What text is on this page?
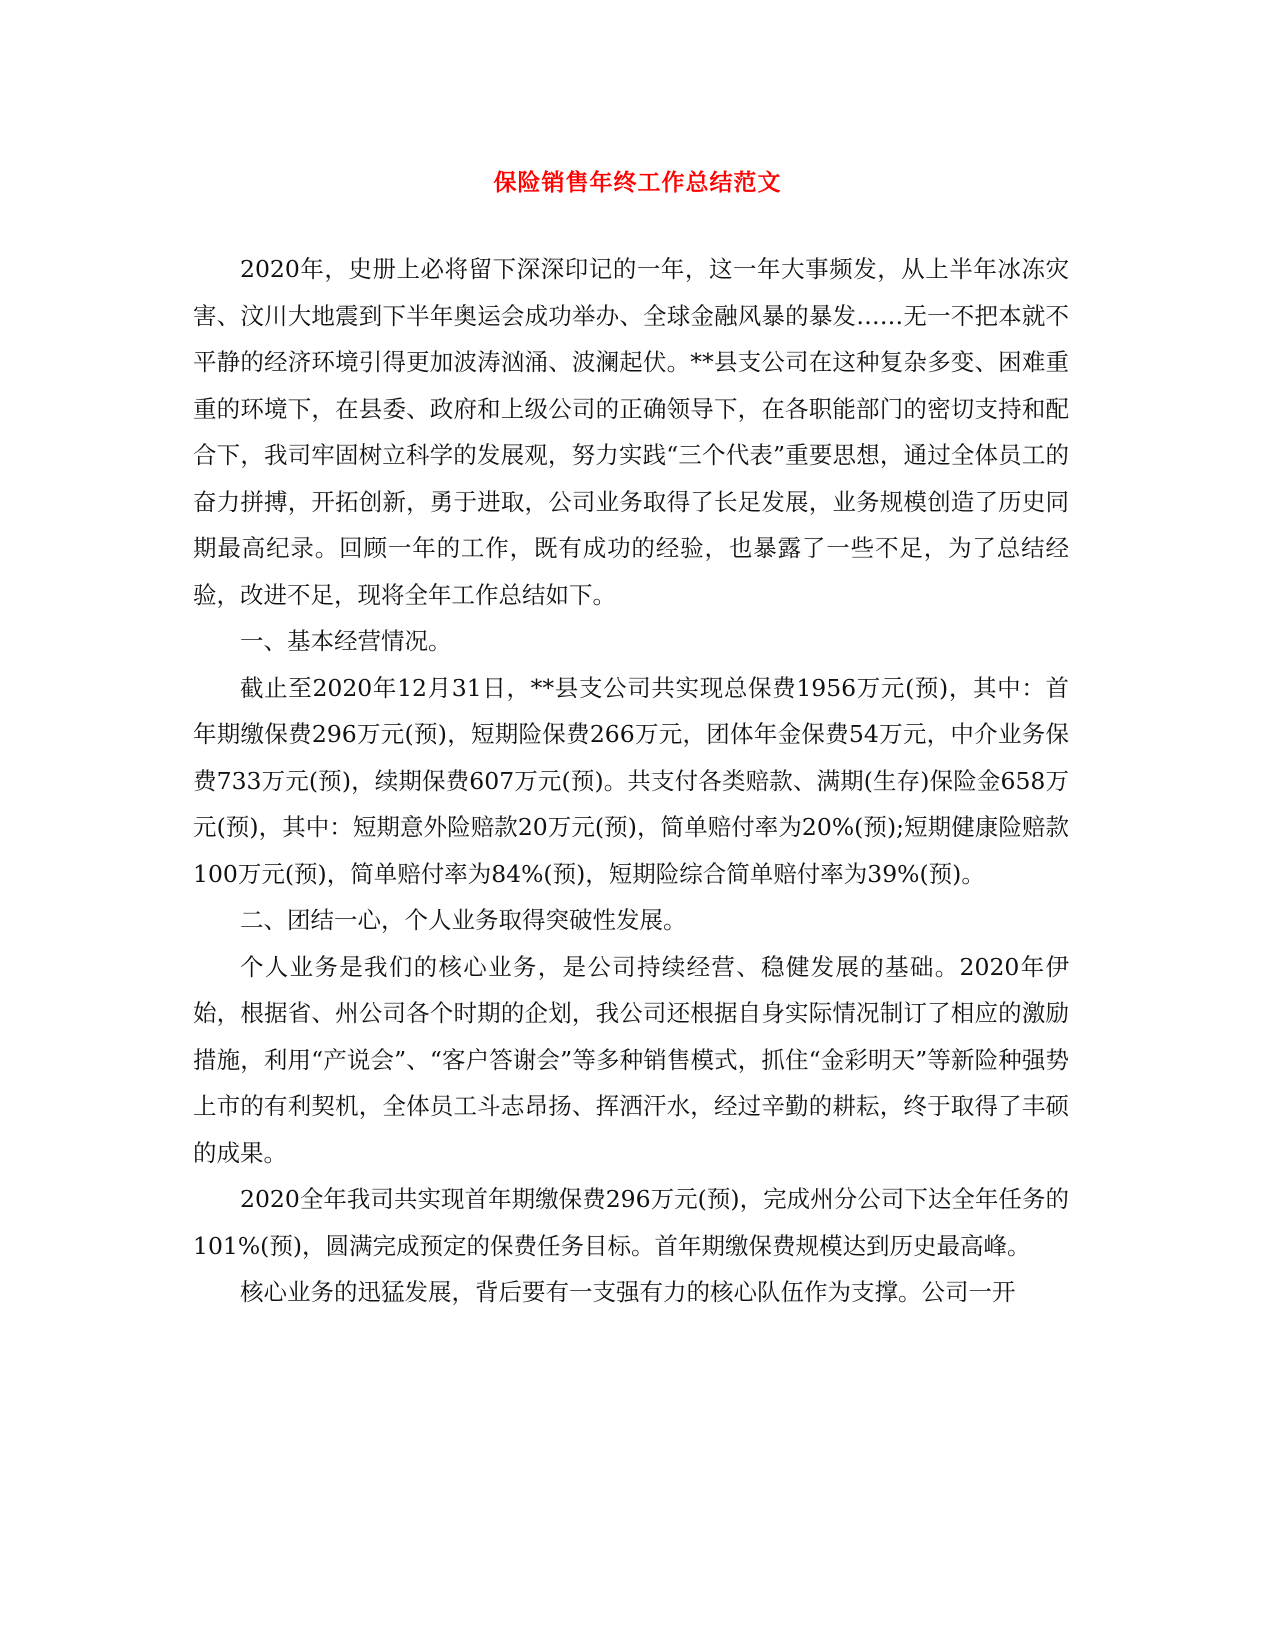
保险销售年终工作总结范文

2020年，史册上必将留下深深印记的一年，这一年大事频发，从上半年冰冻灾害、汶川大地震到下半年奥运会成功举办、全球金融风暴的暴发……无一不把本就不平静的经济环境引得更加波涛汹涌、波澜起伏。**县支公司在这种复杂多变、困难重重的环境下，在县委、政府和上级公司的正确领导下，在各职能部门的密切支持和配合下，我司牢固树立科学的发展观，努力实践“三个代表”重要思想，通过全体员工的奋力拼搏，开拓创新，勇于进取，公司业务取得了长足发展，业务规模创造了历史同期最高纪录。回顾一年的工作，既有成功的经验，也暴露了一些不足，为了总结经验，改进不足，现将全年工作总结如下。

一、基本经营情况。

截止至2020年12月31日，**县支公司共实现总保费1956万元(预)，其中：首年期缴保费296万元(预)，短期险保费266万元，团体年金保费54万元，中介业务保费733万元(预)，续期保费607万元(预)。共支付各类赔款、满期(生存)保险金658万元(预)，其中：短期意外险赔款20万元(预)，简单赔付率为20%(预);短期健康险赔款100万元(预)，简单赔付率为84%(预)，短期险综合简单赔付率为39%(预)。

二、团结一心，个人业务取得突破性发展。

个人业务是我们的核心业务，是公司持续经营、稳健发展的基础。2020年伊始，根据省、州公司各个时期的企划，我公司还根据自身实际情况制订了相应的激励措施，利用“产说会”、“客户答谢会”等多种销售模式，抓住“金彩明天”等新险种强势上市的有利契机，全体员工斗志昂扬、挥洒汗水，经过辛勤的耕耘，终于取得了丰硕的成果。

2020全年我司共实现首年期缴保费296万元(预)，完成州分公司下达全年任务的101%(预)，圆满完成预定的保费任务目标。首年期缴保费规模达到历史最高峰。

核心业务的迅猛发展，背后要有一支强有力的核心队伍作为支撑。公司一开
